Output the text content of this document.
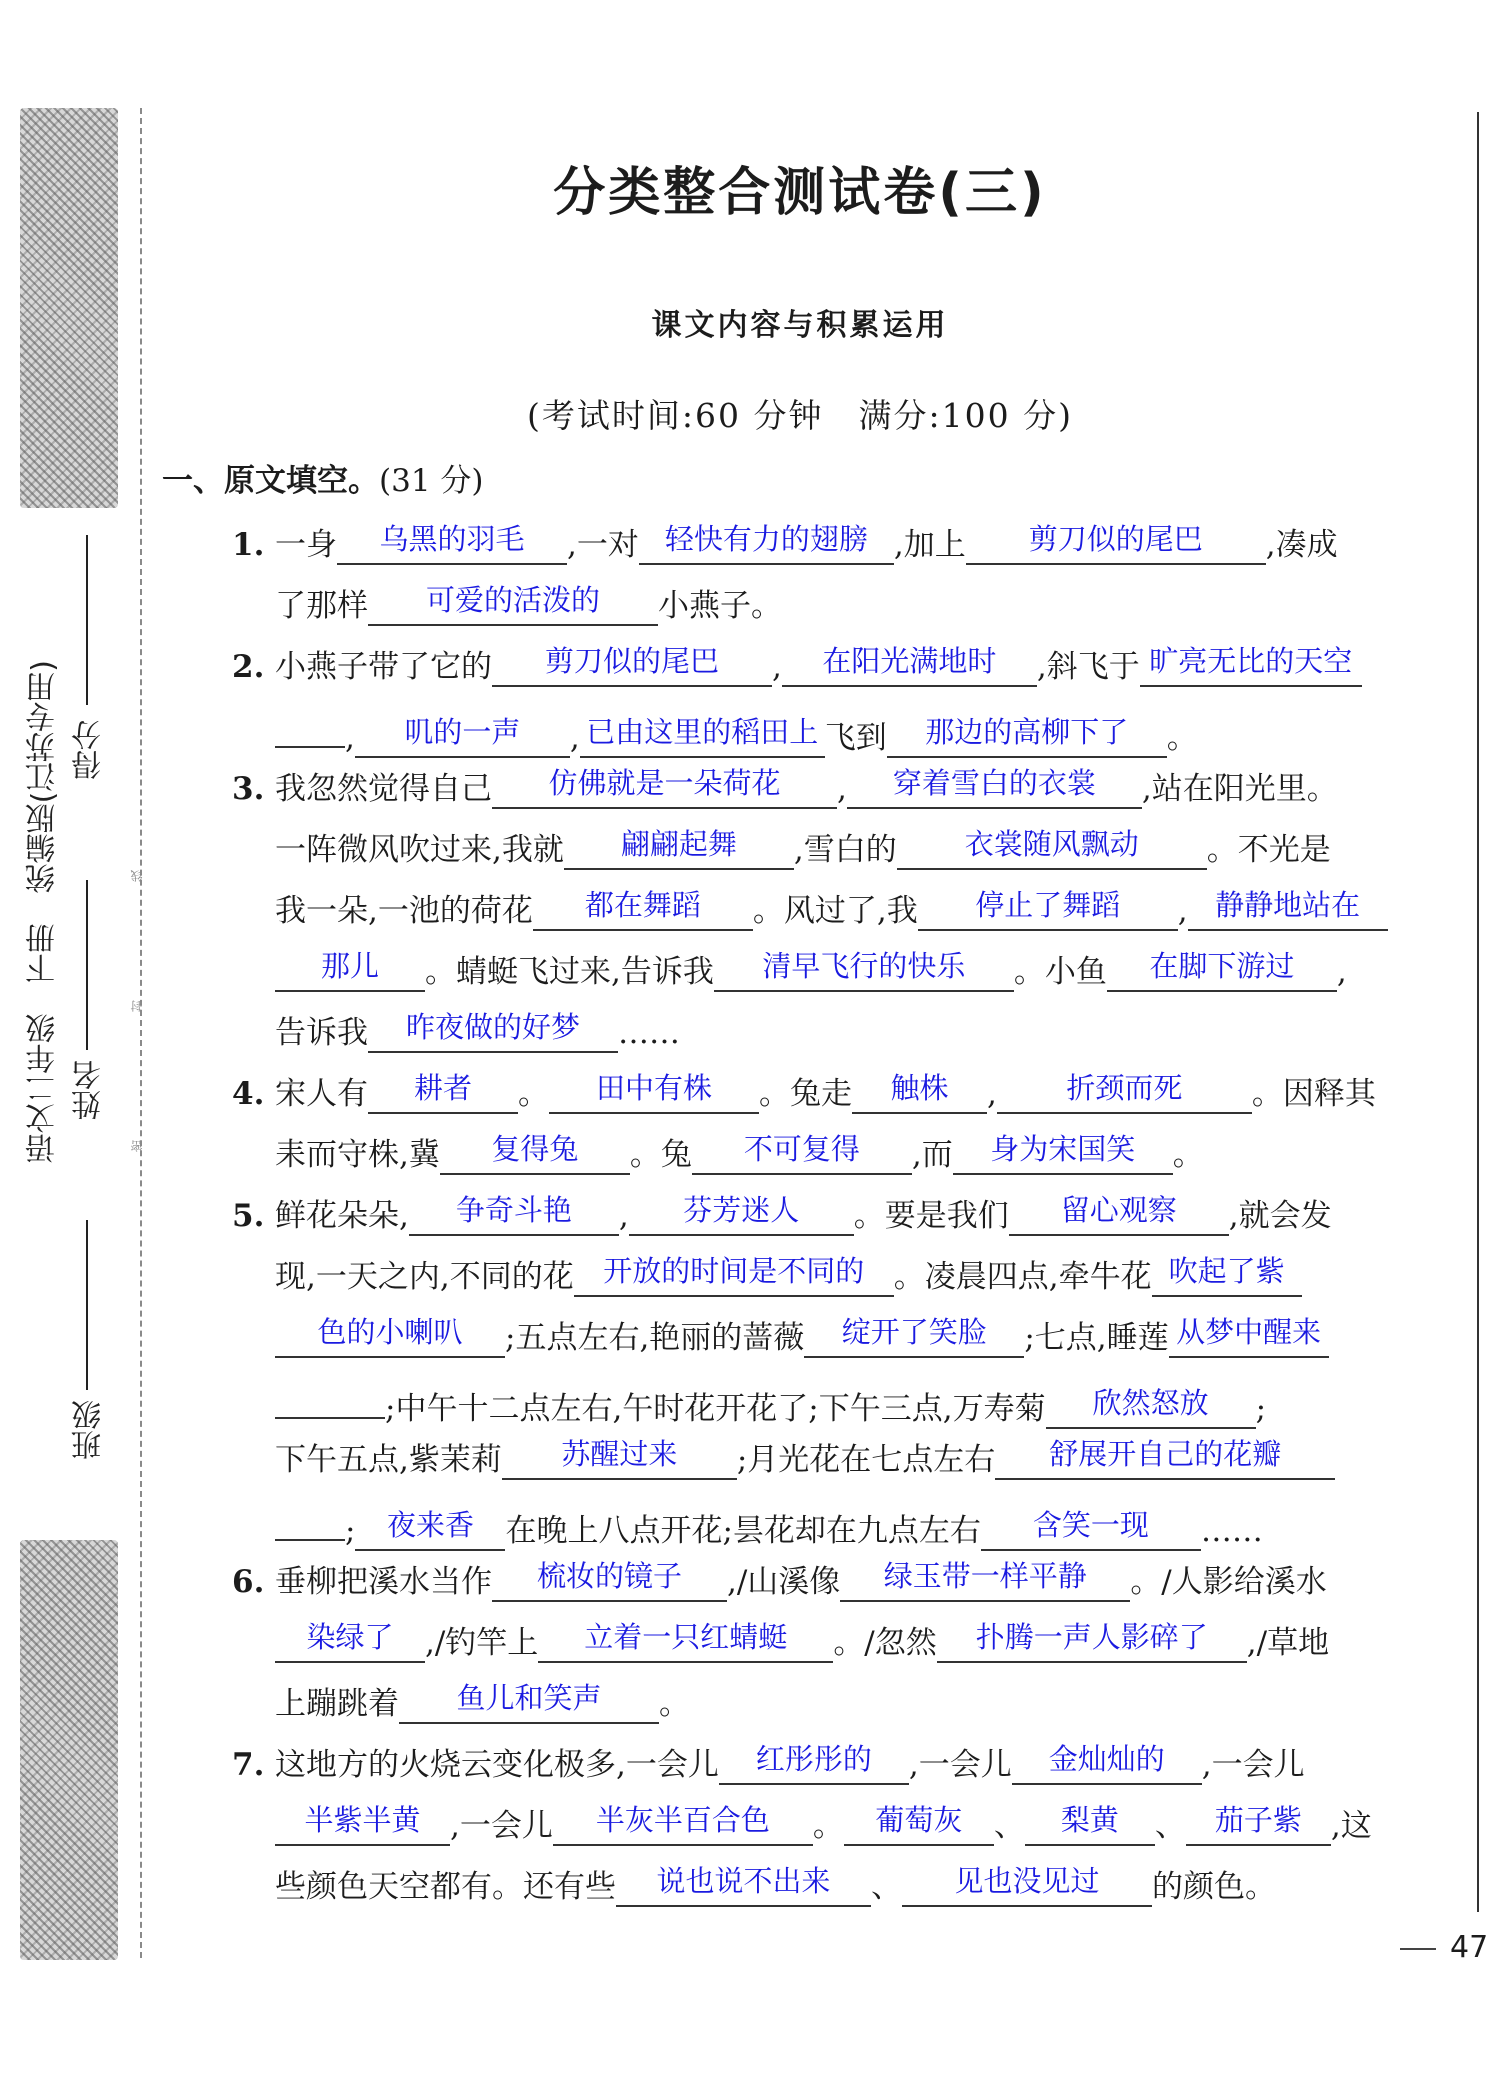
语文二年级　下册　统编版(江苏专用)
班级
姓名
得分
密
封
线
分类整合测试卷(三)
课文内容与积累运用
(考试时间:60 分钟　满分:100 分)
一、原文填空。(31 分)
1. 一身 乌黑的羽毛 ,一对 轻快有力的翅膀 ,加上 剪刀似的尾巴 ,凑成
了那样 可爱的活泼的 小燕子。
2. 小燕子带了它的 剪刀似的尾巴 , 在阳光满地时 ,斜飞于 旷亮无比的天空
, 叽的一声 , 已由这里的稻田上 飞到 那边的高柳下了 。
3. 我忽然觉得自己 仿佛就是一朵荷花 , 穿着雪白的衣裳 ,站在阳光里。
一阵微风吹过来,我就 翩翩起舞 ,雪白的 衣裳随风飘动 。不光是
我一朵,一池的荷花 都在舞蹈 。风过了,我 停止了舞蹈 , 静静地站在
那儿 。蜻蜓飞过来,告诉我 清早飞行的快乐 。小鱼 在脚下游过 ,
告诉我 昨夜做的好梦 ……
4. 宋人有 耕者 。 田中有株 。兔走 触株 , 折颈而死 。因释其
耒而守株,冀 复得兔 。兔 不可复得 ,而 身为宋国笑 。
5. 鲜花朵朵, 争奇斗艳 , 芬芳迷人 。要是我们 留心观察 ,就会发
现,一天之内,不同的花 开放的时间是不同的 。凌晨四点,牵牛花 吹起了紫
色的小喇叭 ;五点左右,艳丽的蔷薇 绽开了笑脸 ;七点,睡莲 从梦中醒来
;中午十二点左右,午时花开花了;下午三点,万寿菊 欣然怒放 ;
下午五点,紫茉莉 苏醒过来 ;月光花在七点左右 舒展开自己的花瓣
; 夜来香 在晚上八点开花;昙花却在九点左右 含笑一现 ……
6. 垂柳把溪水当作 梳妆的镜子 ,/山溪像 绿玉带一样平静 。/人影给溪水
染绿了 ,/钓竿上 立着一只红蜻蜓 。/忽然 扑腾一声人影碎了 ,/草地
上蹦跳着 鱼儿和笑声 。
7. 这地方的火烧云变化极多,一会儿 红彤彤的 ,一会儿 金灿灿的 ,一会儿
半紫半黄 ,一会儿 半灰半百合色 。 葡萄灰 、 梨黄 、 茄子紫 ,这
些颜色天空都有。还有些 说也说不出来 、 见也没见过 的颜色。
47
